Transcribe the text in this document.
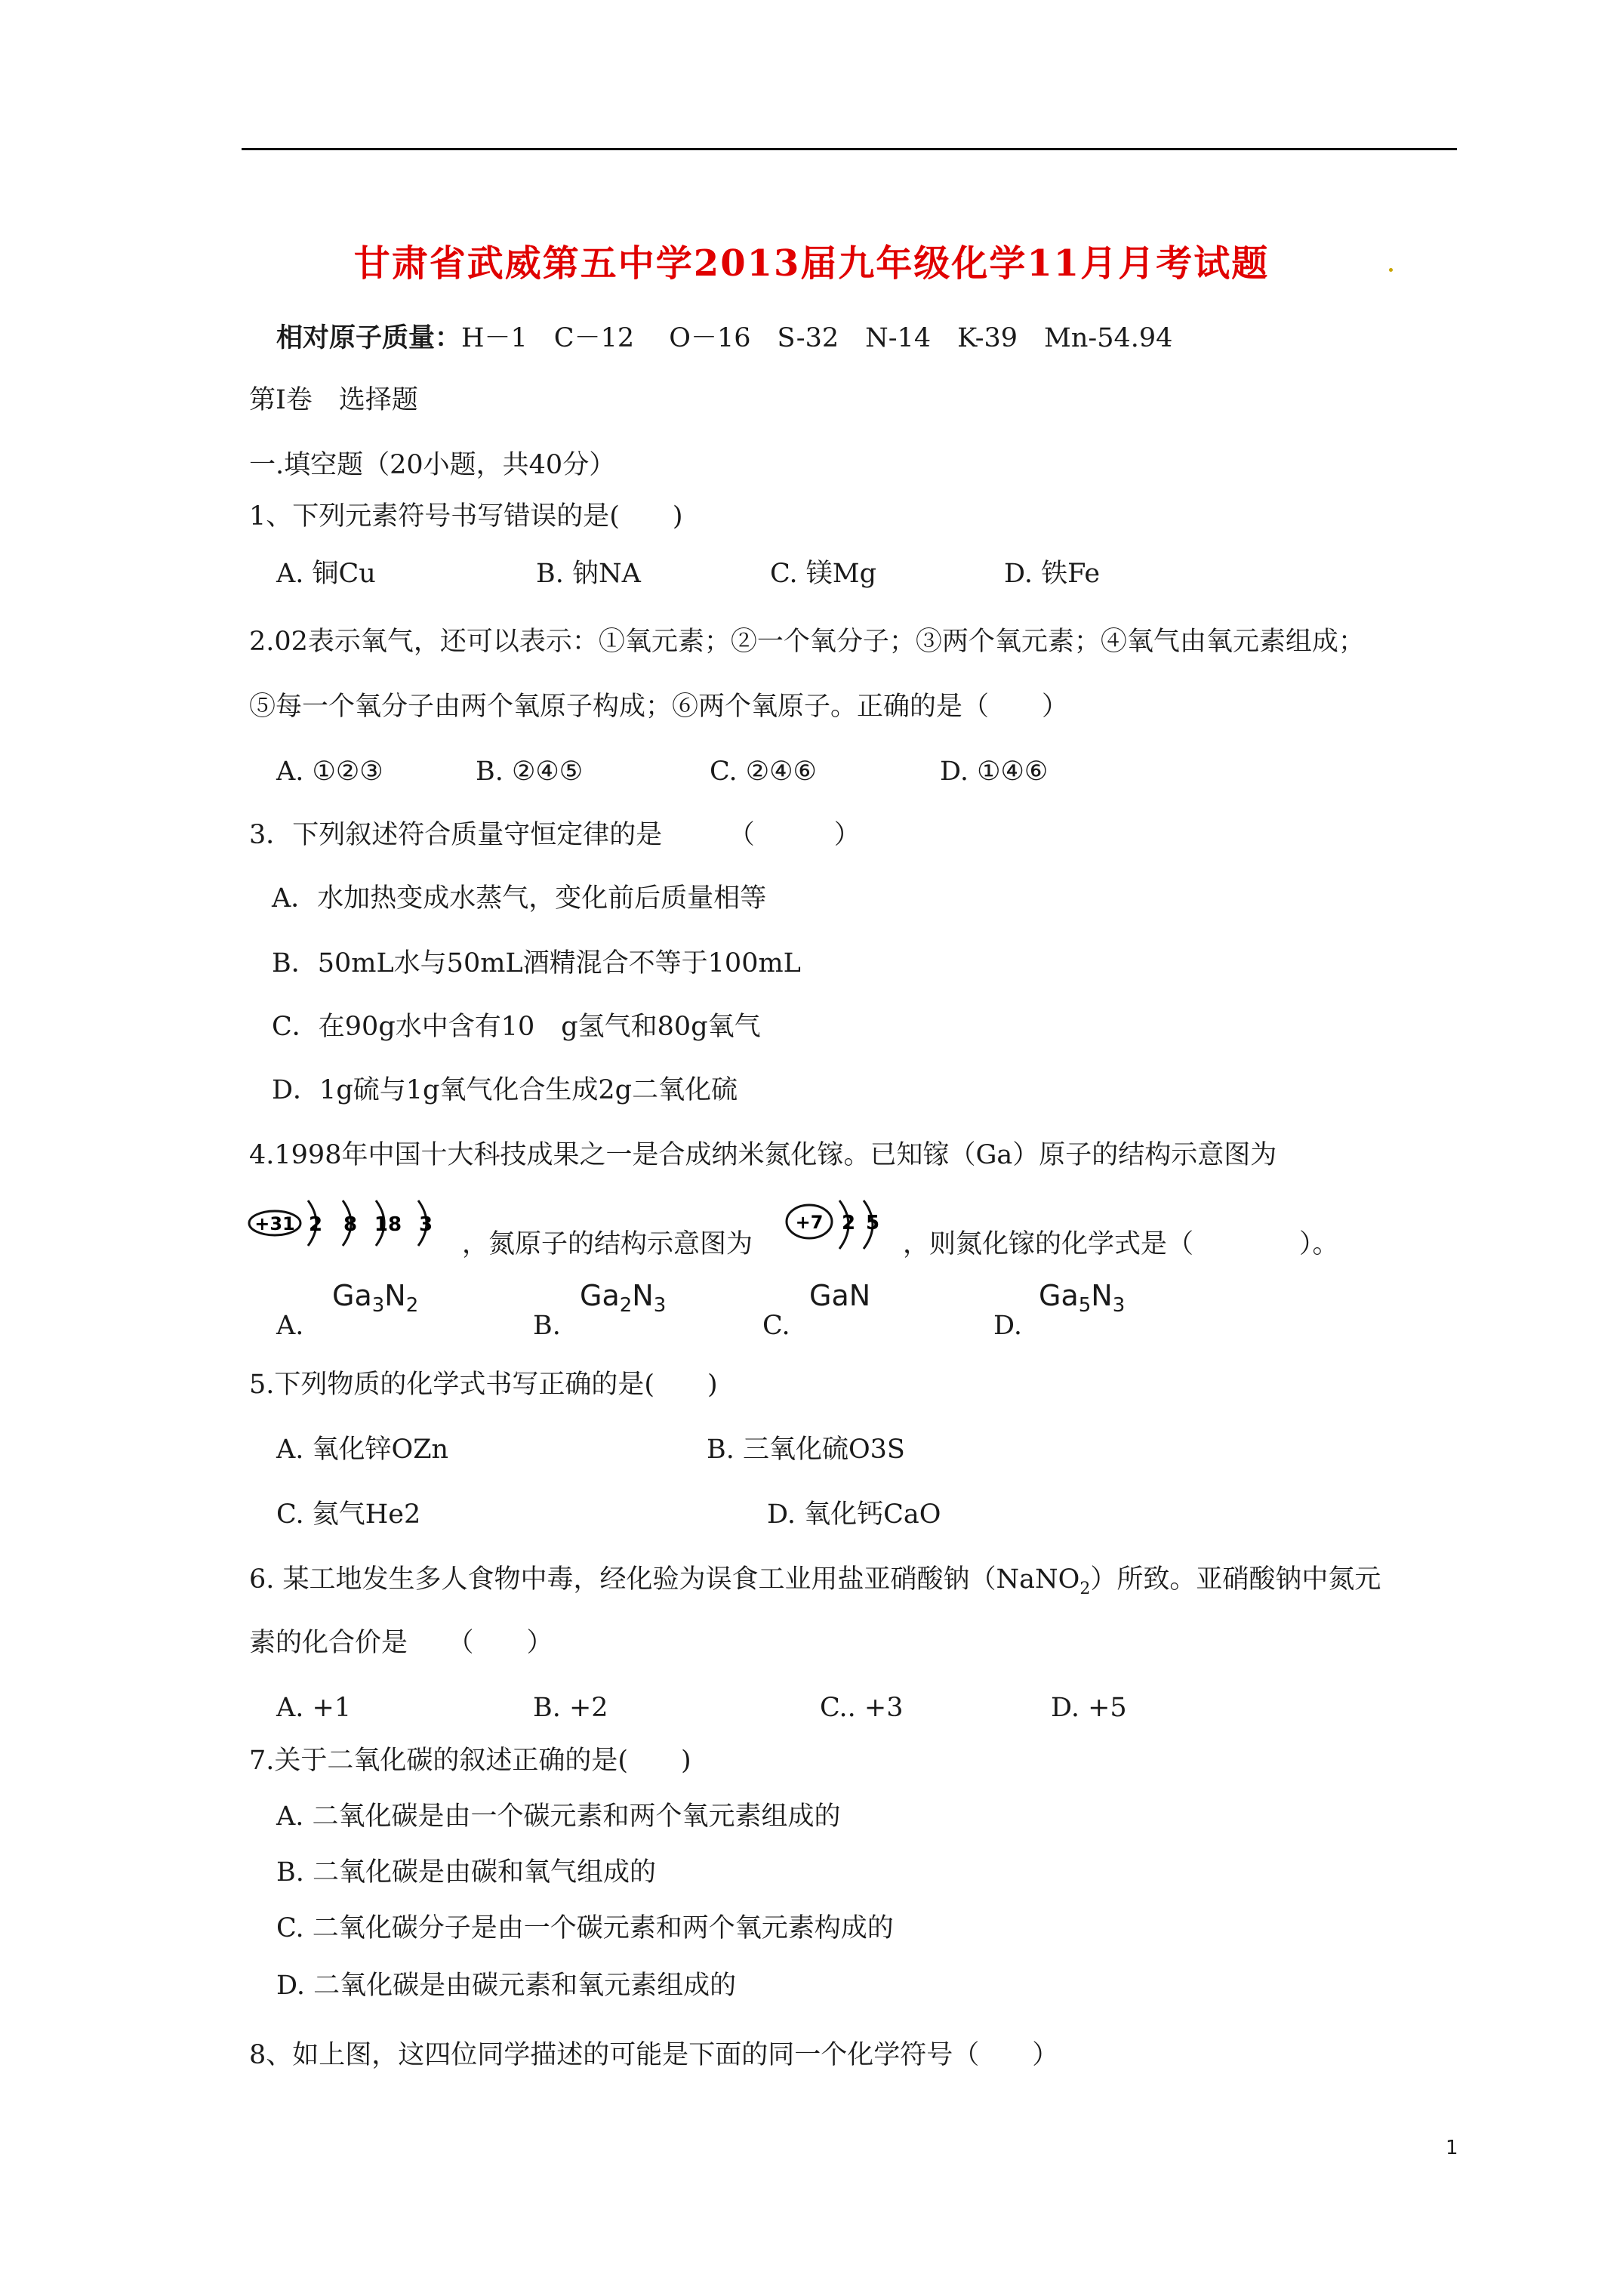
甘肃省武威第五中学2013届九年级化学11月月考试题
相对原子质量：H－1　C－12　 O－16　S-32　N-14　K-39　Mn-54.94
第Ⅰ卷　选择题
一.填空题（20小题，共40分）
1、下列元素符号书写错误的是(　　)
A. 铜Cu	B. 钠NA	C. 镁Mg	D. 铁Fe
2.02表示氧气，还可以表示：①氧元素；②一个氧分子；③两个氧元素；④氧气由氧元素组成；
⑤每一个氧分子由两个氧原子构成；⑥两个氧原子。正确的是（　　）
A. ①②③	B. ②④⑤	C. ②④⑥	D. ①④⑥
3．下列叙述符合质量守恒定律的是　　　（　　　）
A．水加热变成水蒸气，变化前后质量相等
B．50mL水与50mL酒精混合不等于100mL
C．在90g水中含有10　g氢气和80g氧气
D．1g硫与1g氧气化合生成2g二氧化硫
4.1998年中国十大科技成果之一是合成纳米氮化镓。已知镓（Ga）原子的结构示意图为
+31 2 8 18 3
，氮原子的结构示意图为
+7 2 5
，则氮化镓的化学式是（　　　　）。
A.
$Ga_3N_2$
B.
$Ga_2N_3$
C.
GaN
D.
$Ga_5N_3$
5.下列物质的化学式书写正确的是(　　)
A. 氧化锌OZn	B. 三氧化硫O3S
C. 氦气He2	D. 氧化钙CaO
6. 某工地发生多人食物中毒，经化验为误食工业用盐亚硝酸钠（NaNO$_2$）所致。亚硝酸钠中氮元
素的化合价是　　（　　）
A. +1	B. +2	C.. +3	D. +5
7.关于二氧化碳的叙述正确的是(　　)
A. 二氧化碳是由一个碳元素和两个氧元素组成的
B. 二氧化碳是由碳和氧气组成的
C. 二氧化碳分子是由一个碳元素和两个氧元素构成的
D. 二氧化碳是由碳元素和氧元素组成的
8、如上图，这四位同学描述的可能是下面的同一个化学符号（　　）
1
